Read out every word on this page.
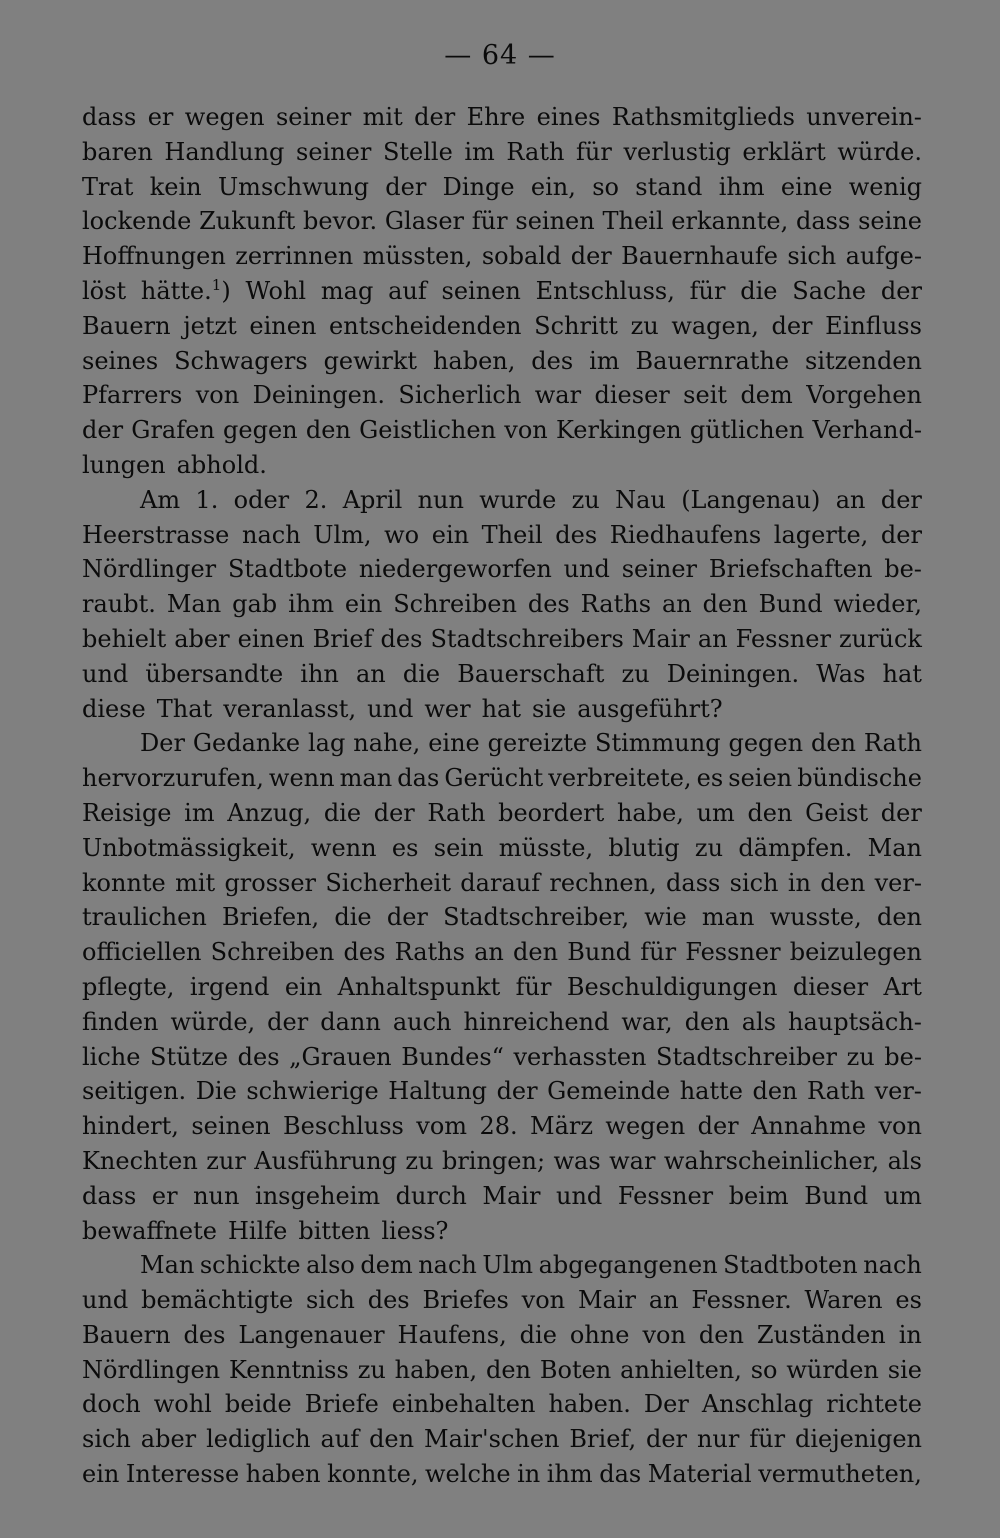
— 64 —
dass er wegen seiner mit der Ehre eines Rathsmitglieds unverein-
baren Handlung seiner Stelle im Rath für verlustig erklärt würde.
Trat kein Umschwung der Dinge ein, so stand ihm eine wenig
lockende Zukunft bevor. Glaser für seinen Theil erkannte, dass seine
Hoffnungen zerrinnen müssten, sobald der Bauernhaufe sich aufge-
löst hätte.$^1$) Wohl mag auf seinen Entschluss, für die Sache der
Bauern jetzt einen entscheidenden Schritt zu wagen, der Einfluss
seines Schwagers gewirkt haben, des im Bauernrathe sitzenden
Pfarrers von Deiningen. Sicherlich war dieser seit dem Vorgehen
der Grafen gegen den Geistlichen von Kerkingen gütlichen Verhand-
lungen abhold.
Am 1. oder 2. April nun wurde zu Nau (Langenau) an der
Heerstrasse nach Ulm, wo ein Theil des Riedhaufens lagerte, der
Nördlinger Stadtbote niedergeworfen und seiner Briefschaften be-
raubt. Man gab ihm ein Schreiben des Raths an den Bund wieder,
behielt aber einen Brief des Stadtschreibers Mair an Fessner zurück
und übersandte ihn an die Bauerschaft zu Deiningen. Was hat
diese That veranlasst, und wer hat sie ausgeführt?
Der Gedanke lag nahe, eine gereizte Stimmung gegen den Rath
hervorzurufen, wenn man das Gerücht verbreitete, es seien bündische
Reisige im Anzug, die der Rath beordert habe, um den Geist der
Unbotmässigkeit, wenn es sein müsste, blutig zu dämpfen. Man
konnte mit grosser Sicherheit darauf rechnen, dass sich in den ver-
traulichen Briefen, die der Stadtschreiber, wie man wusste, den
officiellen Schreiben des Raths an den Bund für Fessner beizulegen
pflegte, irgend ein Anhaltspunkt für Beschuldigungen dieser Art
finden würde, der dann auch hinreichend war, den als hauptsäch-
liche Stütze des „Grauen Bundes“ verhassten Stadtschreiber zu be-
seitigen. Die schwierige Haltung der Gemeinde hatte den Rath ver-
hindert, seinen Beschluss vom 28. März wegen der Annahme von
Knechten zur Ausführung zu bringen; was war wahrscheinlicher, als
dass er nun insgeheim durch Mair und Fessner beim Bund um
bewaffnete Hilfe bitten liess?
Man schickte also dem nach Ulm abgegangenen Stadtboten nach
und bemächtigte sich des Briefes von Mair an Fessner. Waren es
Bauern des Langenauer Haufens, die ohne von den Zuständen in
Nördlingen Kenntniss zu haben, den Boten anhielten, so würden sie
doch wohl beide Briefe einbehalten haben. Der Anschlag richtete
sich aber lediglich auf den Mair'schen Brief, der nur für diejenigen
ein Interesse haben konnte, welche in ihm das Material vermutheten,
